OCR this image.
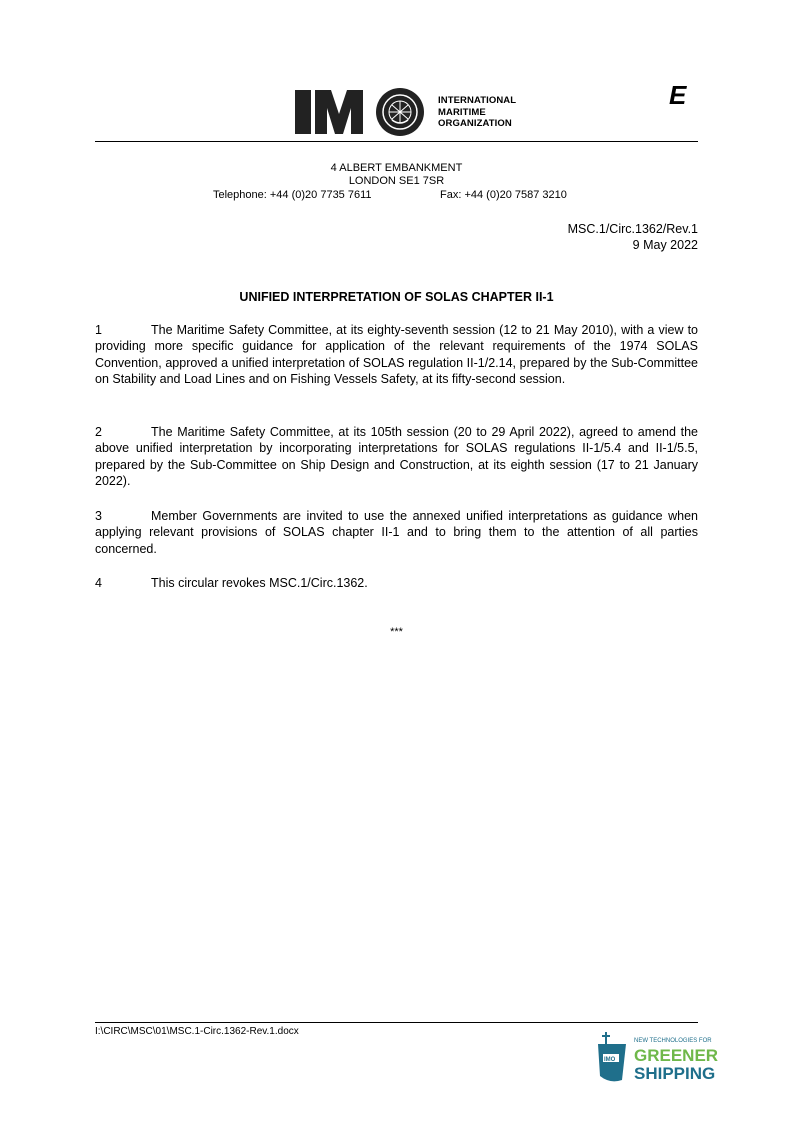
INTERNATIONAL
MARITIME
ORGANIZATION
E
4 ALBERT EMBANKMENT
LONDON SE1 7SR
Telephone: +44 (0)20 7735 7611	Fax: +44 (0)20 7587 3210
MSC.1/Circ.1362/Rev.1
9 May 2022
UNIFIED INTERPRETATION OF SOLAS CHAPTER II-1
1	The Maritime Safety Committee, at its eighty-seventh session (12 to 21 May 2010), with a view to providing more specific guidance for application of the relevant requirements of the 1974 SOLAS Convention, approved a unified interpretation of SOLAS regulation II-1/2.14, prepared by the Sub-Committee on Stability and Load Lines and on Fishing Vessels Safety, at its fifty-second session.
2	The Maritime Safety Committee, at its 105th session (20 to 29 April 2022), agreed to amend the above unified interpretation by incorporating interpretations for SOLAS regulations II-1/5.4 and II-1/5.5, prepared by the Sub-Committee on Ship Design and Construction, at its eighth session (17 to 21 January 2022).
3	Member Governments are invited to use the annexed unified interpretations as guidance when applying relevant provisions of SOLAS chapter II-1 and to bring them to the attention of all parties concerned.
4	This circular revokes MSC.1/Circ.1362.
***
I:\CIRC\MSC\01\MSC.1-Circ.1362-Rev.1.docx
IMO
NEW TECHNOLOGIES FOR
GREENER
SHIPPING
